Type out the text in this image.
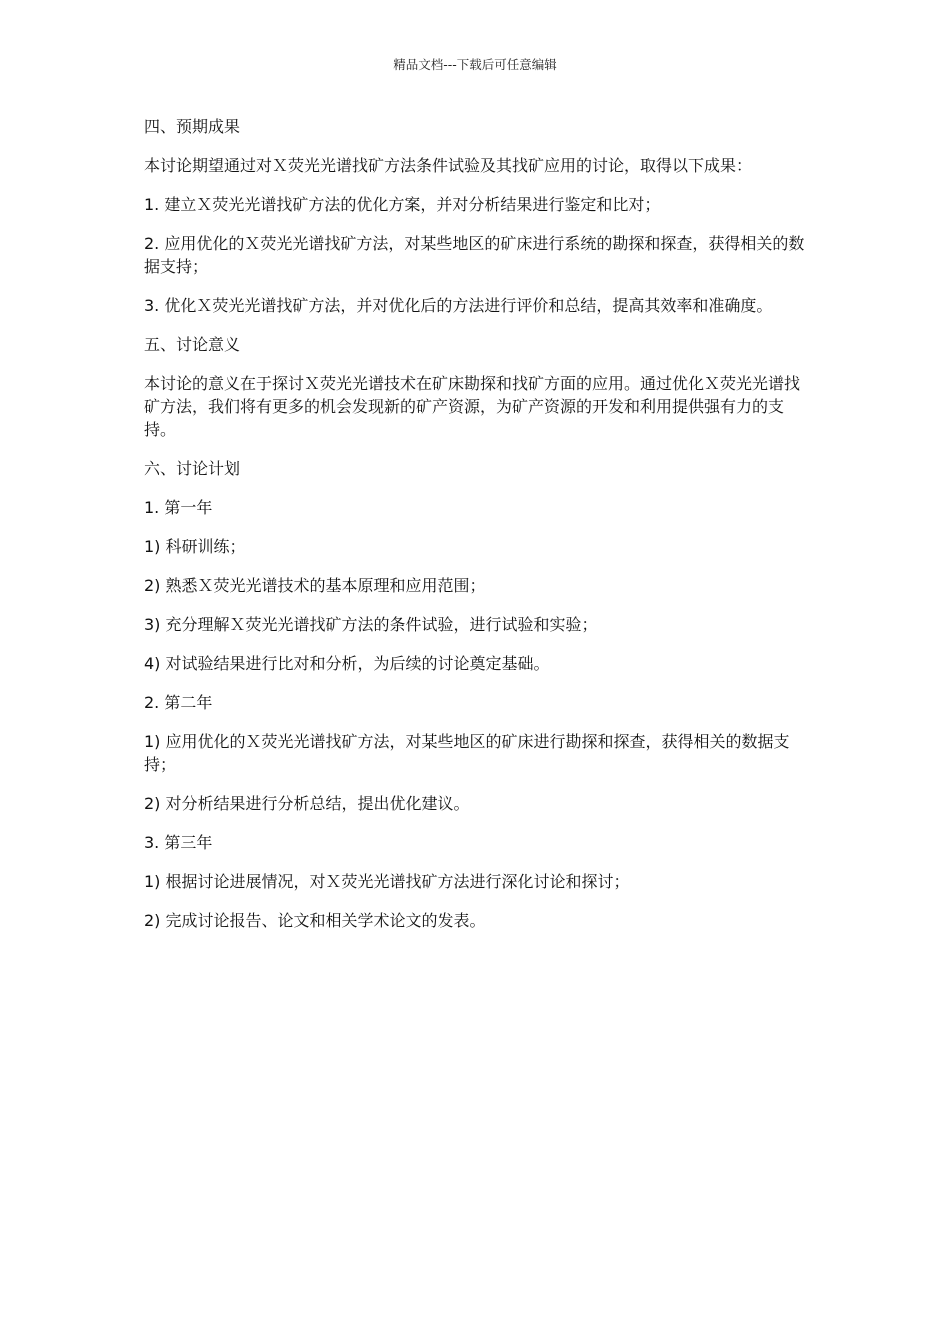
精品文档---下载后可任意编辑

四、预期成果

本讨论期望通过对Ｘ荧光光谱找矿方法条件试验及其找矿应用的讨论，取得以下成果：

1. 建立Ｘ荧光光谱找矿方法的优化方案，并对分析结果进行鉴定和比对；

2. 应用优化的Ｘ荧光光谱找矿方法，对某些地区的矿床进行系统的勘探和探查，获得相关的数据支持；

3. 优化Ｘ荧光光谱找矿方法，并对优化后的方法进行评价和总结，提高其效率和准确度。

五、讨论意义

本讨论的意义在于探讨Ｘ荧光光谱技术在矿床勘探和找矿方面的应用。通过优化Ｘ荧光光谱找矿方法，我们将有更多的机会发现新的矿产资源，为矿产资源的开发和利用提供强有力的支持。

六、讨论计划

1. 第一年

1) 科研训练；

2) 熟悉Ｘ荧光光谱技术的基本原理和应用范围；

3) 充分理解Ｘ荧光光谱找矿方法的条件试验，进行试验和实验；

4) 对试验结果进行比对和分析，为后续的讨论奠定基础。

2. 第二年

1) 应用优化的Ｘ荧光光谱找矿方法，对某些地区的矿床进行勘探和探查，获得相关的数据支持；

2) 对分析结果进行分析总结，提出优化建议。

3. 第三年

1) 根据讨论进展情况，对Ｘ荧光光谱找矿方法进行深化讨论和探讨；

2) 完成讨论报告、论文和相关学术论文的发表。
